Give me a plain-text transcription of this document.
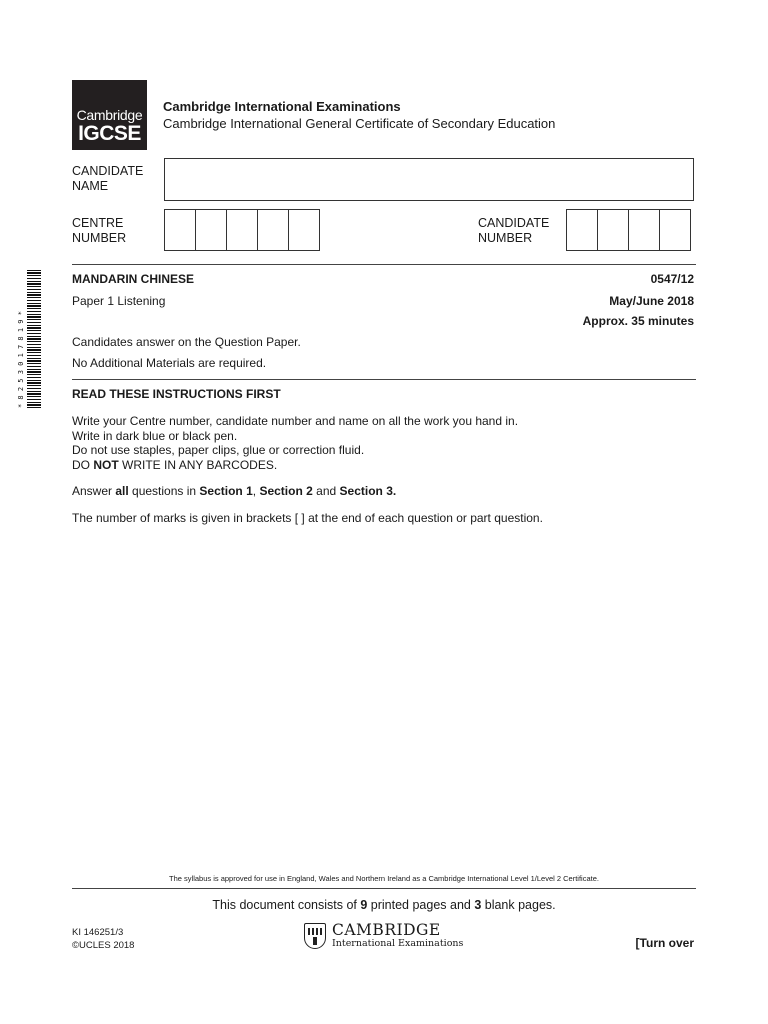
Cambridge
IGCSE
Cambridge International Examinations
Cambridge International General Certificate of Secondary Education
CANDIDATE
NAME
CENTRE
NUMBER
CANDIDATE
NUMBER
* 8 2 5 3 0 1 7 8 1 9 *
MANDARIN CHINESE	0547/12
Paper 1 Listening	May/June 2018
Approx. 35 minutes
Candidates answer on the Question Paper.
No Additional Materials are required.
READ THESE INSTRUCTIONS FIRST
Write your Centre number, candidate number and name on all the work you hand in.
Write in dark blue or black pen.
Do not use staples, paper clips, glue or correction fluid.
DO NOT WRITE IN ANY BARCODES.
Answer all questions in Section 1, Section 2 and Section 3.
The number of marks is given in brackets [ ] at the end of each question or part question.
The syllabus is approved for use in England, Wales and Northern Ireland as a Cambridge International Level 1/Level 2 Certificate.
This document consists of 9 printed pages and 3 blank pages.
KI 146251/3
©UCLES 2018
CAMBRIDGE
International Examinations	[Turn over
